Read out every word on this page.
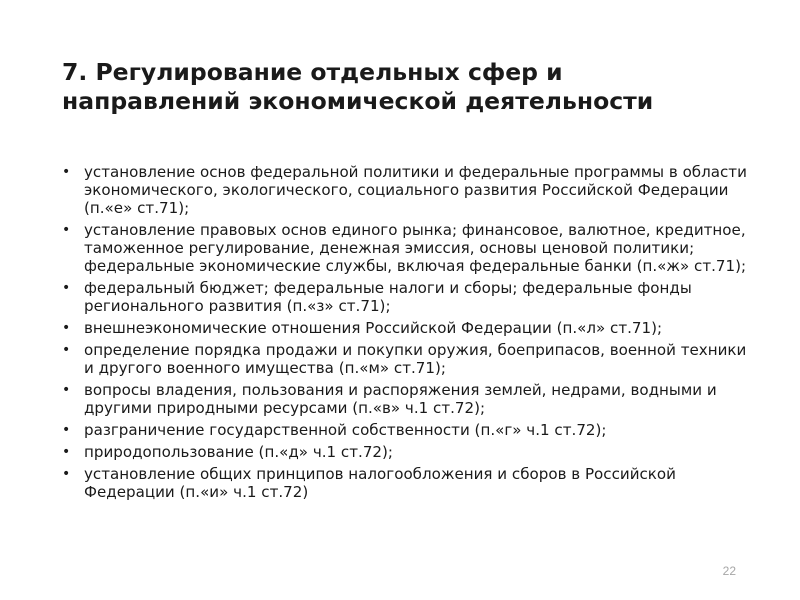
7. Регулирование отдельных сфер и
направлений экономической деятельности
• установление основ федеральной политики и федеральные программы в области экономического, экологического, социального развития Российской Федерации (п.«е» ст.71);
• установление правовых основ единого рынка; финансовое, валютное, кредитное, таможенное регулирование, денежная эмиссия, основы ценовой политики; федеральные экономические службы, включая федеральные банки (п.«ж» ст.71);
• федеральный бюджет; федеральные налоги и сборы; федеральные фонды регионального развития (п.«з» ст.71);
• внешнеэкономические отношения Российской Федерации (п.«л» ст.71);
• определение порядка продажи и покупки оружия, боеприпасов, военной техники и другого военного имущества (п.«м» ст.71);
• вопросы владения, пользования и распоряжения землей, недрами, водными и другими природными ресурсами (п.«в» ч.1 ст.72);
• разграничение государственной собственности (п.«г» ч.1 ст.72);
• природопользование (п.«д» ч.1 ст.72);
• установление общих принципов налогообложения и сборов в Российской Федерации (п.«и» ч.1 ст.72)
22
